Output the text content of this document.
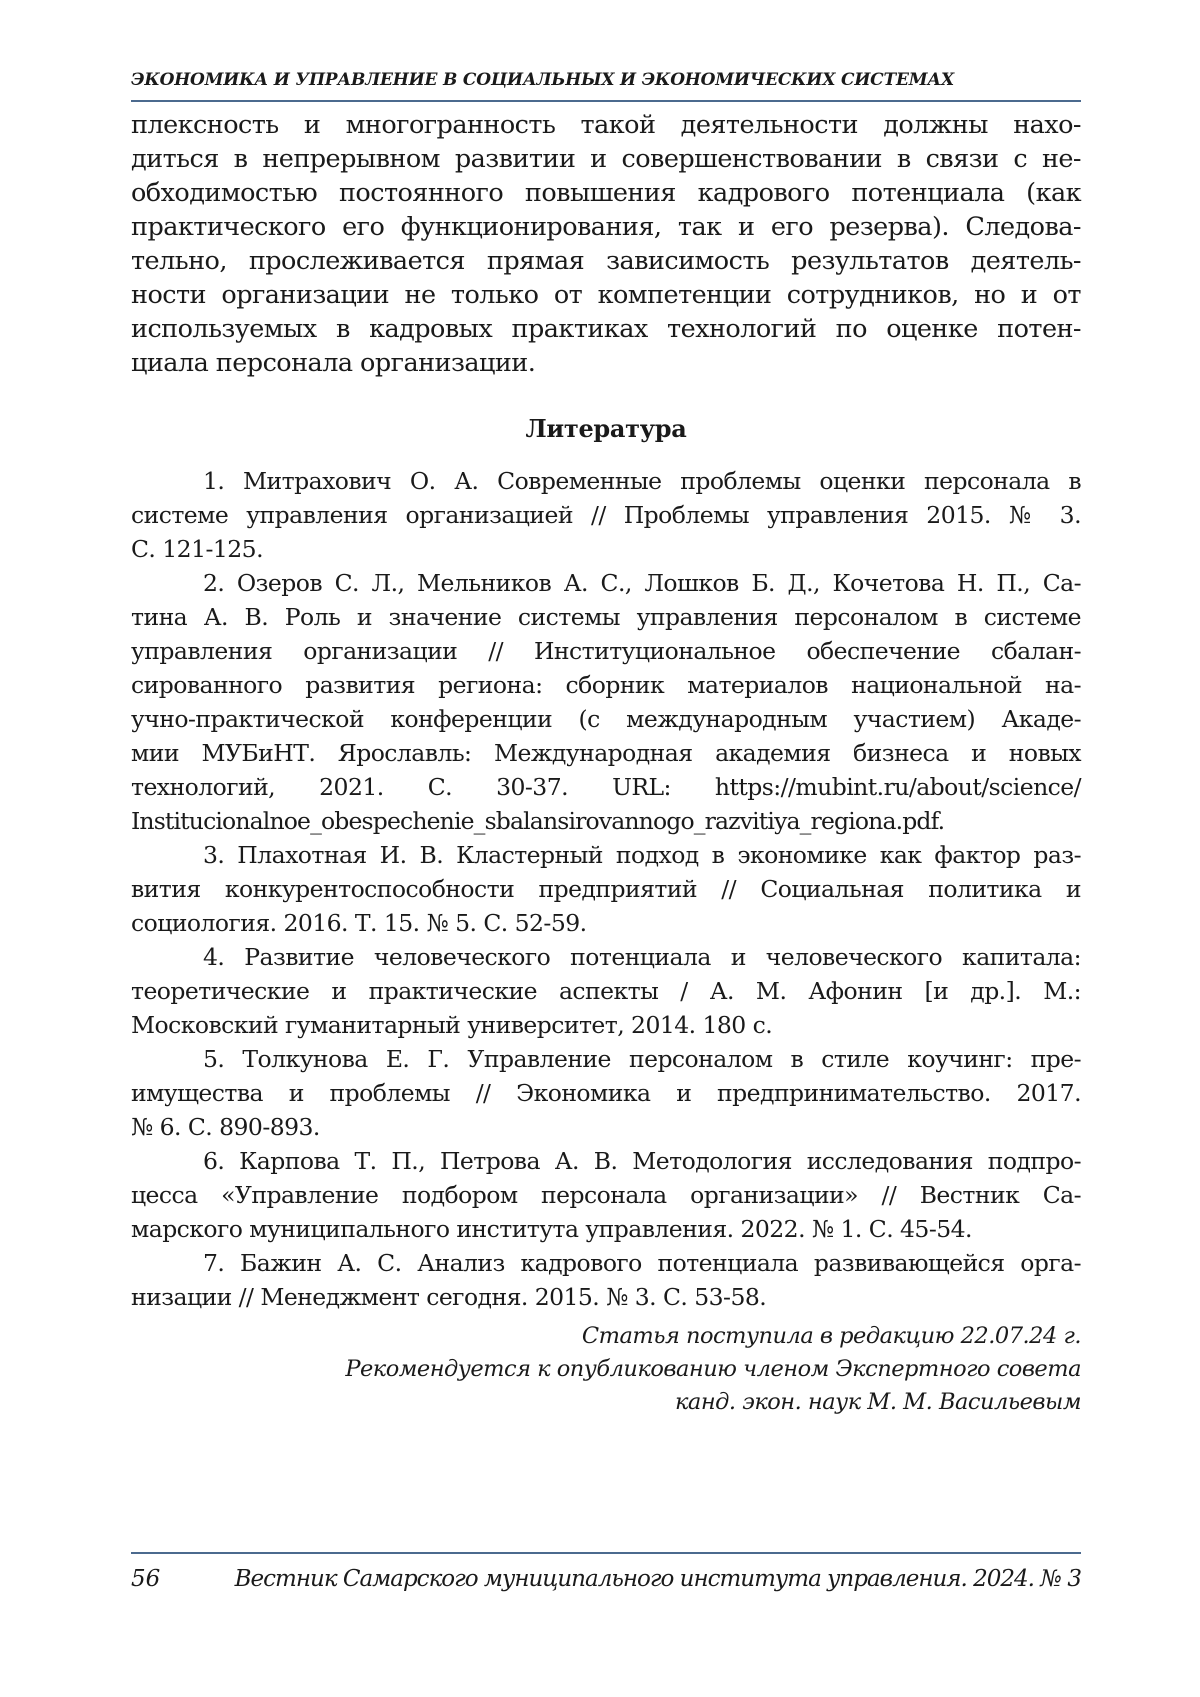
ЭКОНОМИКА И УПРАВЛЕНИЕ В СОЦИАЛЬНЫХ И ЭКОНОМИЧЕСКИХ СИСТЕМАХ
плексность и многогранность такой деятельности должны нахо-
диться в непрерывном развитии и совершенствовании в связи с не-
обходимостью постоянного повышения кадрового потенциала (как
практического его функционирования, так и его резерва). Следова-
тельно, прослеживается прямая зависимость результатов деятель-
ности организации не только от компетенции сотрудников, но и от
используемых в кадровых практиках технологий по оценке потен-
циала персонала организации.
Литература
1. Митрахович О. А. Современные проблемы оценки персонала в
системе управления организацией // Проблемы управления 2015. № 3.
С. 121-125.
2. Озеров С. Л., Мельников А. С., Лошков Б. Д., Кочетова Н. П., Са-
тина А. В. Роль и значение системы управления персоналом в системе
управления организации // Институциональное обеспечение сбалан-
сированного развития региона: сборник материалов национальной на-
учно-практической конференции (с международным участием) Акаде-
мии МУБиНТ. Ярославль: Международная академия бизнеса и новых
технологий, 2021. С. 30-37. URL: https://mubint.ru/about/science/
Institucionalnoe_obespechenie_sbalansirovannogo_razvitiya_regiona.pdf.
3. Плахотная И. В. Кластерный подход в экономике как фактор раз-
вития конкурентоспособности предприятий // Социальная политика и
социология. 2016. Т. 15. № 5. С. 52-59.
4. Развитие человеческого потенциала и человеческого капитала:
теоретические и практические аспекты / А. М. Афонин [и др.]. М.:
Московский гуманитарный университет, 2014. 180 с.
5. Толкунова Е. Г. Управление персоналом в стиле коучинг: пре-
имущества и проблемы // Экономика и предпринимательство. 2017.
№ 6. С. 890-893.
6. Карпова Т. П., Петрова А. В. Методология исследования подпро-
цесса «Управление подбором персонала организации» // Вестник Са-
марского муниципального института управления. 2022. № 1. С. 45-54.
7. Бажин А. С. Анализ кадрового потенциала развивающейся орга-
низации // Менеджмент сегодня. 2015. № 3. С. 53-58.
Статья поступила в редакцию 22.07.24 г.
Рекомендуется к опубликованию членом Экспертного совета
канд. экон. наук М. М. Васильевым
56	Вестник Самарского муниципального института управления. 2024. № 3
